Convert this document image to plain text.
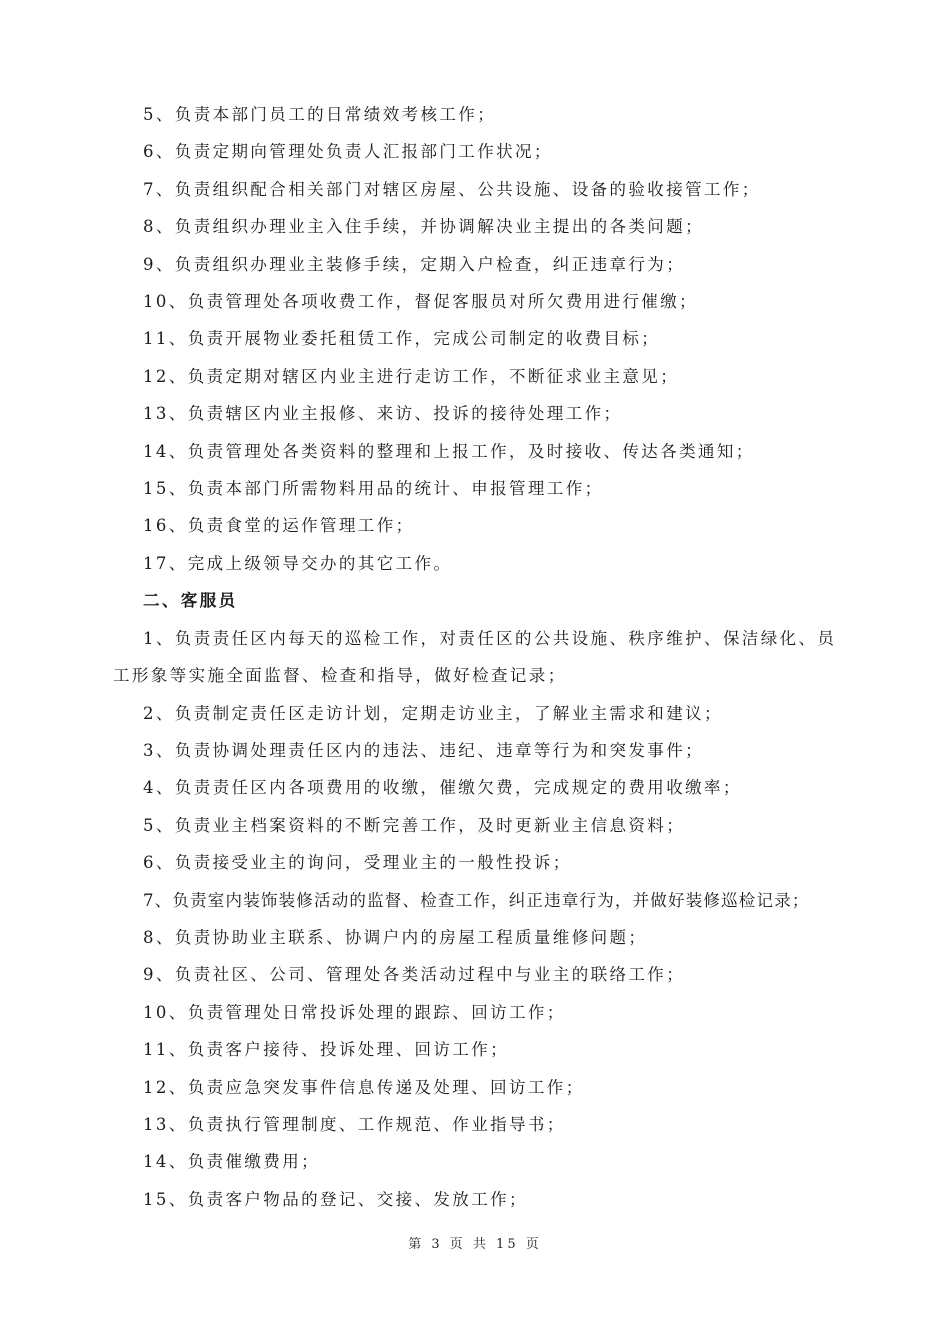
5、负责本部门员工的日常绩效考核工作；
6、负责定期向管理处负责人汇报部门工作状况；
7、负责组织配合相关部门对辖区房屋、公共设施、设备的验收接管工作；
8、负责组织办理业主入住手续，并协调解决业主提出的各类问题；
9、负责组织办理业主装修手续，定期入户检查，纠正违章行为；
10、负责管理处各项收费工作，督促客服员对所欠费用进行催缴；
11、负责开展物业委托租赁工作，完成公司制定的收费目标；
12、负责定期对辖区内业主进行走访工作，不断征求业主意见；
13、负责辖区内业主报修、来访、投诉的接待处理工作；
14、负责管理处各类资料的整理和上报工作，及时接收、传达各类通知；
15、负责本部门所需物料用品的统计、申报管理工作；
16、负责食堂的运作管理工作；
17、完成上级领导交办的其它工作。
二、客服员
1、负责责任区内每天的巡检工作，对责任区的公共设施、秩序维护、保洁绿化、员工形象等实施全面监督、检查和指导，做好检查记录；
2、负责制定责任区走访计划，定期走访业主，了解业主需求和建议；
3、负责协调处理责任区内的违法、违纪、违章等行为和突发事件；
4、负责责任区内各项费用的收缴，催缴欠费，完成规定的费用收缴率；
5、负责业主档案资料的不断完善工作，及时更新业主信息资料；
6、负责接受业主的询问，受理业主的一般性投诉；
7、负责室内装饰装修活动的监督、检查工作，纠正违章行为，并做好装修巡检记录；
8、负责协助业主联系、协调户内的房屋工程质量维修问题；
9、负责社区、公司、管理处各类活动过程中与业主的联络工作；
10、负责管理处日常投诉处理的跟踪、回访工作；
11、负责客户接待、投诉处理、回访工作；
12、负责应急突发事件信息传递及处理、回访工作；
13、负责执行管理制度、工作规范、作业指导书；
14、负责催缴费用；
15、负责客户物品的登记、交接、发放工作；
第 3 页 共 15 页
